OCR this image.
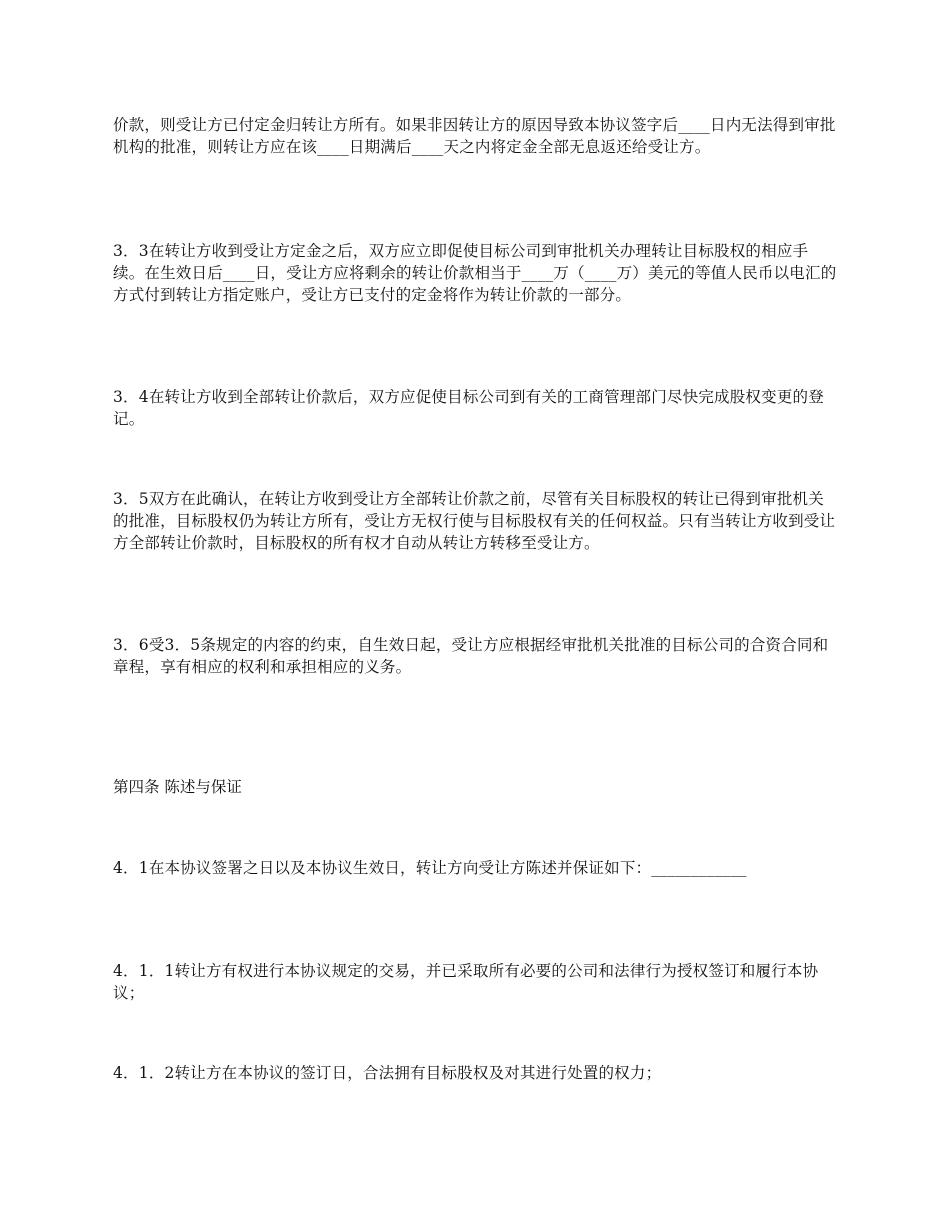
价款，则受让方已付定金归转让方所有。如果非因转让方的原因导致本协议签字后____日内无法得到审批机构的批准，则转让方应在该____日期满后____天之内将定金全部无息返还给受让方。

3．3在转让方收到受让方定金之后，双方应立即促使目标公司到审批机关办理转让目标股权的相应手续。在生效日后____日，受让方应将剩余的转让价款相当于____万（____万）美元的等值人民币以电汇的方式付到转让方指定账户，受让方已支付的定金将作为转让价款的一部分。

3．4在转让方收到全部转让价款后，双方应促使目标公司到有关的工商管理部门尽快完成股权变更的登记。

3．5双方在此确认，在转让方收到受让方全部转让价款之前，尽管有关目标股权的转让已得到审批机关的批准，目标股权仍为转让方所有，受让方无权行使与目标股权有关的任何权益。只有当转让方收到受让方全部转让价款时，目标股权的所有权才自动从转让方转移至受让方。

3．6受3．5条规定的内容的约束，自生效日起，受让方应根据经审批机关批准的目标公司的合资合同和章程，享有相应的权利和承担相应的义务。

第四条 陈述与保证

4．1在本协议签署之日以及本协议生效日，转让方向受让方陈述并保证如下：____________

4．1．1转让方有权进行本协议规定的交易，并已采取所有必要的公司和法律行为授权签订和履行本协议；

4．1．2转让方在本协议的签订日，合法拥有目标股权及对其进行处置的权力；
